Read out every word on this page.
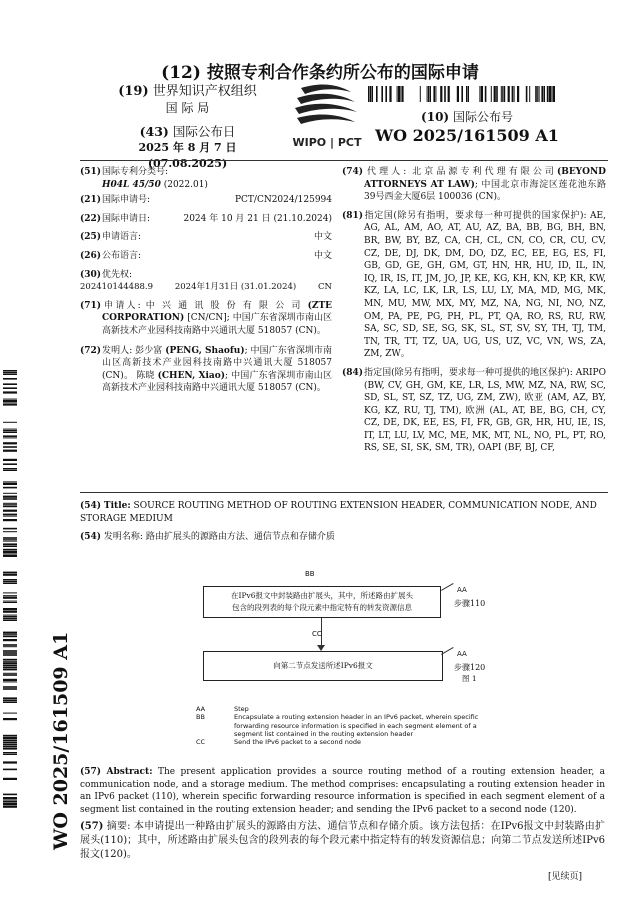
(12) 按照专利合作条约所公布的国际申请
(19) 世界知识产权组织
国 际 局
(43) 国际公布日
2025 年 8 月 7 日 (07.08.2025)
WIPO | PCT
(10) 国际公布号
WO 2025/161509 A1
WO 2025/161509 A1
(51)国际专利分类号:
H04L 45/50 (2022.01)
(21)国际申请号:	PCT/CN2024/125994
(22)国际申请日:	2024 年 10 月 21 日 (21.10.2024)
(25)申请语言:	中文
(26)公布语言:	中文
(30)优先权:
202410144488.9	2024年1月31日 (31.01.2024)	CN
(71)申请人: 中 兴 通 讯 股 份 有 限 公 司 (ZTE CORPORATION) [CN/CN]; 中国广东省深圳市南山区高新技术产业园科技南路中兴通讯大厦 518057 (CN)。
(72)发明人: 彭少富 (PENG, Shaofu); 中国广东省深圳市南山区高新技术产业园科技南路中兴通讯大厦 518057 (CN)。 陈晓 (CHEN, Xiao); 中国广东省深圳市南山区高新技术产业园科技南路中兴通讯大厦 518057 (CN)。
(74)代理人: 北京品源专利代理有限公司(BEYOND ATTORNEYS AT LAW); 中国北京市海淀区莲花池东路39号西金大厦6层 100036 (CN)。
(81)指定国(除另有指明，要求每一种可提供的国家保护): AE, AG, AL, AM, AO, AT, AU, AZ, BA, BB, BG, BH, BN, BR, BW, BY, BZ, CA, CH, CL, CN, CO, CR, CU, CV, CZ, DE, DJ, DK, DM, DO, DZ, EC, EE, EG, ES, FI, GB, GD, GE, GH, GM, GT, HN, HR, HU, ID, IL, IN, IQ, IR, IS, IT, JM, JO, JP, KE, KG, KH, KN, KP, KR, KW, KZ, LA, LC, LK, LR, LS, LU, LY, MA, MD, MG, MK, MN, MU, MW, MX, MY, MZ, NA, NG, NI, NO, NZ, OM, PA, PE, PG, PH, PL, PT, QA, RO, RS, RU, RW, SA, SC, SD, SE, SG, SK, SL, ST, SV, SY, TH, TJ, TM, TN, TR, TT, TZ, UA, UG, US, UZ, VC, VN, WS, ZA, ZM, ZW。
(84)指定国(除另有指明，要求每一种可提供的地区保护): ARIPO (BW, CV, GH, GM, KE, LR, LS, MW, MZ, NA, RW, SC, SD, SL, ST, SZ, TZ, UG, ZM, ZW), 欧亚 (AM, AZ, BY, KG, KZ, RU, TJ, TM), 欧洲 (AL, AT, BE, BG, CH, CY, CZ, DE, DK, EE, ES, FI, FR, GB, GR, HR, HU, IE, IS, IT, LT, LU, LV, MC, ME, MK, MT, NL, NO, PL, PT, RO, RS, SE, SI, SK, SM, TR), OAPI (BF, BJ, CF,
(54) Title: SOURCE ROUTING METHOD OF ROUTING EXTENSION HEADER, COMMUNICATION NODE, AND STORAGE MEDIUM
(54) 发明名称: 路由扩展头的源路由方法、通信节点和存储介质
BB
在IPv6报文中封装路由扩展头，其中，所述路由扩展头
包含的段列表的每个段元素中指定特有的转发资源信息
AA
步骤110
CC
向第二节点发送所述IPv6报文
AA
步骤120
图 1
AA	Step
BB	Encapsulate a routing extension header in an IPv6 packet, wherein specific forwarding resource information is specified in each segment element of a segment list contained in the routing extension header
CC	Send the IPv6 packet to a second node
(57) Abstract: The present application provides a source routing method of a routing extension header, a communication node, and a storage medium. The method comprises: encapsulating a routing extension header in an IPv6 packet (110), wherein specific forwarding resource information is specified in each segment element of a segment list contained in the routing extension header; and sending the IPv6 packet to a second node (120).
(57) 摘要: 本申请提出一种路由扩展头的源路由方法、通信节点和存储介质。该方法包括：在IPv6报文中封装路由扩展头(110)；其中，所述路由扩展头包含的段列表的每个段元素中指定特有的转发资源信息；向第二节点发送所述IPv6报文(120)。
[见续页]
